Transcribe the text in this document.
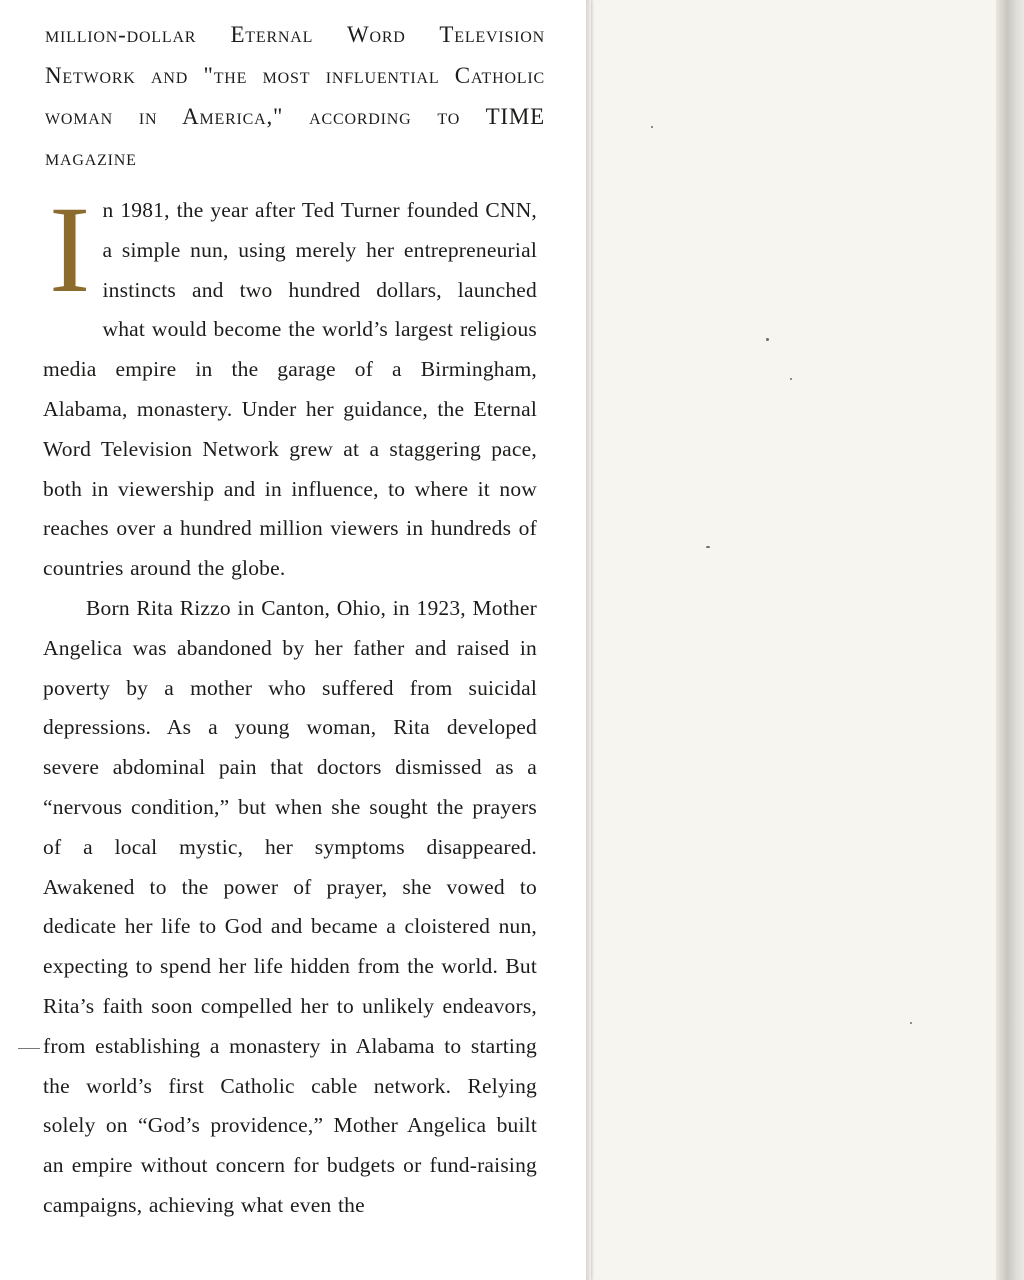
million-dollar Eternal Word Television Network and "the most influential Catholic woman in America," according to TIME magazine

In 1981, the year after Ted Turner founded CNN, a simple nun, using merely her entrepreneurial instincts and two hundred dollars, launched what would become the world’s largest religious media empire in the garage of a Birmingham, Alabama, monastery. Under her guidance, the Eternal Word Television Network grew at a staggering pace, both in viewership and in influence, to where it now reaches over a hundred million viewers in hundreds of countries around the globe.

Born Rita Rizzo in Canton, Ohio, in 1923, Mother Angelica was abandoned by her father and raised in poverty by a mother who suffered from suicidal depressions. As a young woman, Rita developed severe abdominal pain that doctors dismissed as a “nervous condition,” but when she sought the prayers of a local mystic, her symptoms disappeared. Awakened to the power of prayer, she vowed to dedicate her life to God and became a cloistered nun, expecting to spend her life hidden from the world. But Rita’s faith soon compelled her to unlikely endeavors, from establishing a monastery in Alabama to starting the world’s first Catholic cable network. Relying solely on “God’s providence,” Mother Angelica built an empire without concern for budgets or fund-raising campaigns, achieving what even the
